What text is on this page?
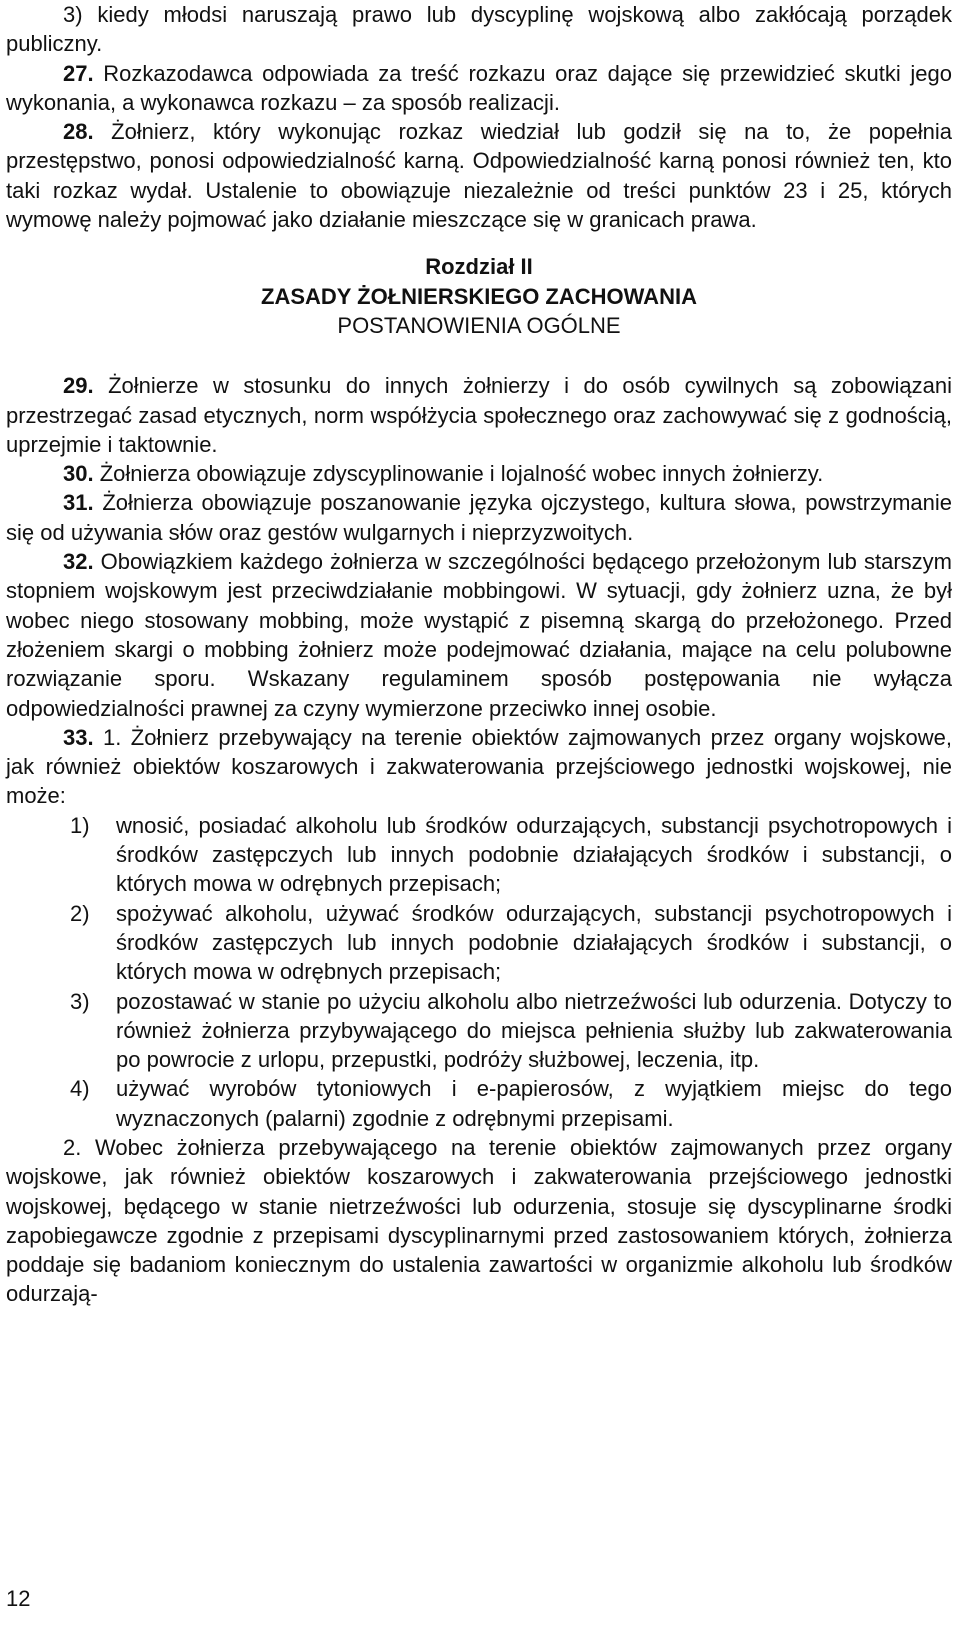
3) kiedy młodsi naruszają prawo lub dyscyplinę wojskową albo zakłócają porządek publiczny.

27. Rozkazodawca odpowiada za treść rozkazu oraz dające się przewidzieć skutki jego wykonania, a wykonawca rozkazu – za sposób realizacji.

28. Żołnierz, który wykonując rozkaz wiedział lub godził się na to, że popełnia przestępstwo, ponosi odpowiedzialność karną. Odpowiedzialność karną ponosi również ten, kto taki rozkaz wydał. Ustalenie to obowiązuje niezależnie od treści punktów 23 i 25, których wymowę należy pojmować jako działanie mieszczące się w granicach prawa.

Rozdział II
ZASADY ŻOŁNIERSKIEGO ZACHOWANIA
POSTANOWIENIA OGÓLNE

29. Żołnierze w stosunku do innych żołnierzy i do osób cywilnych są zobowiązani przestrzegać zasad etycznych, norm współżycia społecznego oraz zachowywać się z godnością, uprzejmie i taktownie.

30. Żołnierza obowiązuje zdyscyplinowanie i lojalność wobec innych żołnierzy.

31. Żołnierza obowiązuje poszanowanie języka ojczystego, kultura słowa, powstrzymanie się od używania słów oraz gestów wulgarnych i nieprzyzwoitych.

32. Obowiązkiem każdego żołnierza w szczególności będącego przełożonym lub starszym stopniem wojskowym jest przeciwdziałanie mobbingowi. W sytuacji, gdy żołnierz uzna, że był wobec niego stosowany mobbing, może wystąpić z pisemną skargą do przełożonego. Przed złożeniem skargi o mobbing żołnierz może podejmować działania, mające na celu polubowne rozwiązanie sporu. Wskazany regulaminem sposób postępowania nie wyłącza odpowiedzialności prawnej za czyny wymierzone przeciwko innej osobie.

33. 1. Żołnierz przebywający na terenie obiektów zajmowanych przez organy wojskowe, jak również obiektów koszarowych i zakwaterowania przejściowego jednostki wojskowej, nie może:

1) wnosić, posiadać alkoholu lub środków odurzających, substancji psychotropowych i środków zastępczych lub innych podobnie działających środków i substancji, o których mowa w odrębnych przepisach;
2) spożywać alkoholu, używać środków odurzających, substancji psychotropowych i środków zastępczych lub innych podobnie działających środków i substancji, o których mowa w odrębnych przepisach;
3) pozostawać w stanie po użyciu alkoholu albo nietrzeźwości lub odurzenia. Dotyczy to również żołnierza przybywającego do miejsca pełnienia służby lub zakwaterowania po powrocie z urlopu, przepustki, podróży służbowej, leczenia, itp.
4) używać wyrobów tytoniowych i e-papierosów, z wyjątkiem miejsc do tego wyznaczonych (palarni) zgodnie z odrębnymi przepisami.

2. Wobec żołnierza przebywającego na terenie obiektów zajmowanych przez organy wojskowe, jak również obiektów koszarowych i zakwaterowania przejściowego jednostki wojskowej, będącego w stanie nietrzeźwości lub odurzenia, stosuje się dyscyplinarne środki zapobiegawcze zgodnie z przepisami dyscyplinarnymi przed zastosowaniem których, żołnierza poddaje się badaniom koniecznym do ustalenia zawartości w organizmie alkoholu lub środków odurzają-

12
